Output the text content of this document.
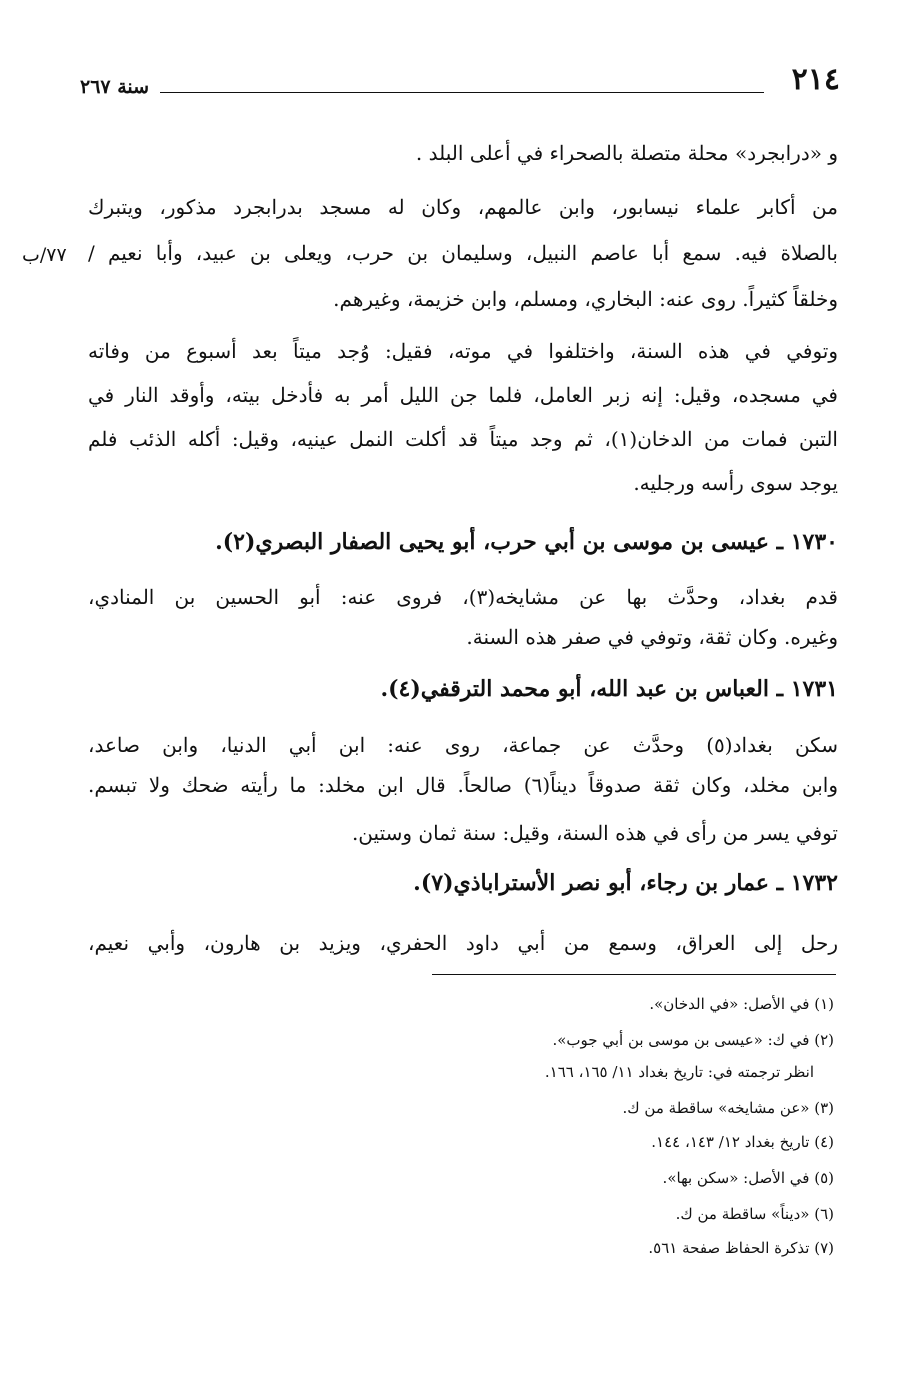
٢١٤
سنة ٢٦٧
٧٧/ب
و «درابجرد» محلة متصلة بالصحراء في أعلى البلد .
من أكابر علماء نيسابور، وابن عالمهم، وكان له مسجد بدرابجرد مذكور، ويتبرك
بالصلاة فيه. سمع أبا عاصم النبيل، وسليمان بن حرب، ويعلى بن عبيد، وأبا نعيم /
وخلقاً كثيراً. روى عنه: البخاري، ومسلم، وابن خزيمة، وغيرهم.
وتوفي في هذه السنة، واختلفوا في موته، فقيل: وُجد ميتاً بعد أسبوع من وفاته
في مسجده، وقيل: إنه زبر العامل، فلما جن الليل أمر به فأدخل بيته، وأوقد النار في
التبن فمات من الدخان(١)، ثم وجد ميتاً قد أكلت النمل عينيه، وقيل: أكله الذئب فلم
يوجد سوى رأسه ورجليه.
١٧٣٠ ـ عيسى بن موسى بن أبي حرب، أبو يحيى الصفار البصري(٢).
قدم بغداد، وحدَّث بها عن مشايخه(٣)، فروى عنه: أبو الحسين بن المنادي،
وغيره. وكان ثقة، وتوفي في صفر هذه السنة.
١٧٣١ ـ العباس بن عبد الله، أبو محمد الترقفي(٤).
سكن بغداد(٥) وحدَّث عن جماعة، روى عنه: ابن أبي الدنيا، وابن صاعد،
وابن مخلد، وكان ثقة صدوقاً ديناً(٦) صالحاً. قال ابن مخلد: ما رأيته ضحك ولا تبسم.
توفي يسر من رأى في هذه السنة، وقيل: سنة ثمان وستين.
١٧٣٢ ـ عمار بن رجاء، أبو نصر الأستراباذي(٧).
رحل إلى العراق، وسمع من أبي داود الحفري، ويزيد بن هارون، وأبي نعيم،
(١) في الأصل: «في الدخان».
(٢) في ك: «عيسى بن موسى بن أبي جوب».
انظر ترجمته في: تاريخ بغداد ١١/ ١٦٥، ١٦٦.
(٣) «عن مشايخه» ساقطة من ك.
(٤) تاريخ بغداد ١٢/ ١٤٣، ١٤٤.
(٥) في الأصل: «سكن بها».
(٦) «ديناً» ساقطة من ك.
(٧) تذكرة الحفاظ صفحة ٥٦١.
